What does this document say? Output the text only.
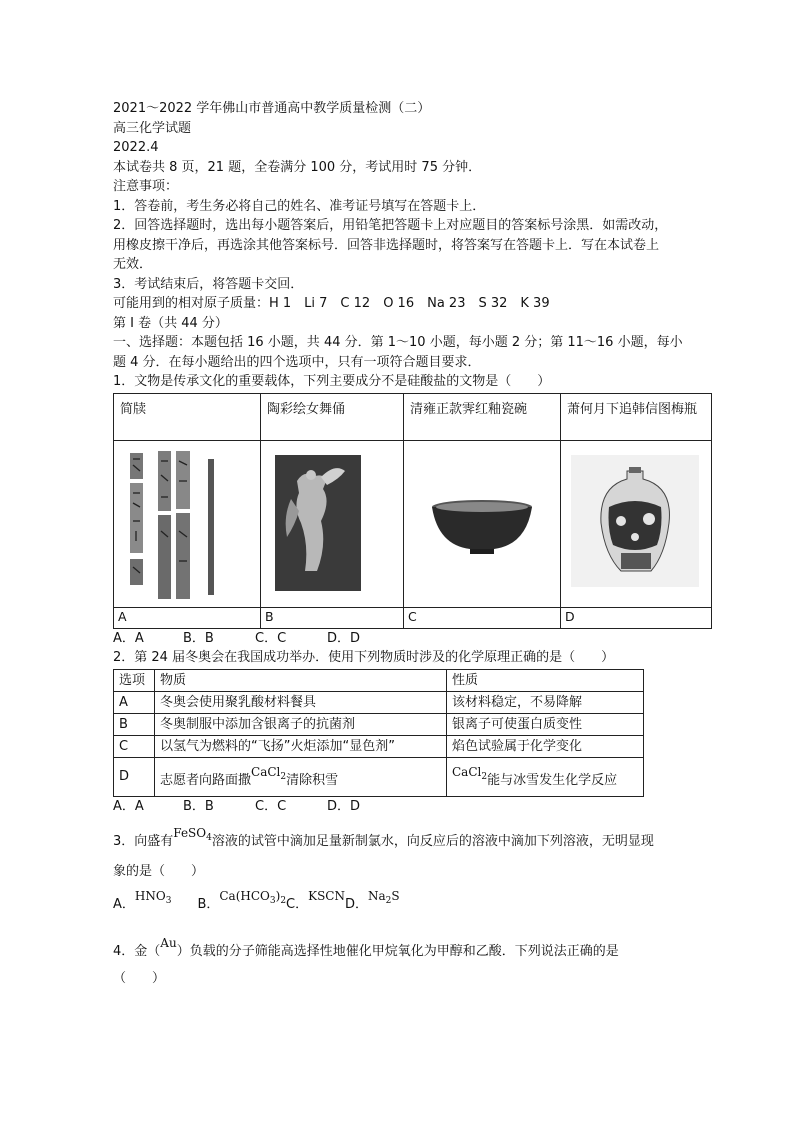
2021～2022 学年佛山市普通高中教学质量检测（二）
高三化学试题
2022.4
本试卷共 8 页，21 题，全卷满分 100 分，考试用时 75 分钟．
注意事项：
1．答卷前，考生务必将自己的姓名、准考证号填写在答题卡上．
2．回答选择题时，选出每小题答案后，用铅笔把答题卡上对应题目的答案标号涂黑．如需改动，
用橡皮擦干净后，再选涂其他答案标号．回答非选择题时，将答案写在答题卡上．写在本试卷上
无效．
3．考试结束后，将答题卡交回．
可能用到的相对原子质量：H 1　Li 7　C 12　O 16　Na 23　S 32　K 39
第 I 卷（共 44 分）
一、选择题：本题包括 16 小题，共 44 分．第 1～10 小题，每小题 2 分；第 11～16 小题，每小
题 4 分．在每小题给出的四个选项中，只有一项符合题目要求．
1．文物是传承文化的重要载体，下列主要成分不是硅酸盐的文物是（　　）
简牍	陶彩绘女舞俑	清雍正款霁红釉瓷碗	萧何月下追韩信图梅瓶

A	B	C	D
A．A	B．B	C．C	D．D
2．第 24 届冬奥会在我国成功举办．使用下列物质时涉及的化学原理正确的是（　　）
选项	物质	性质
A	冬奥会使用聚乳酸材料餐具	该材料稳定，不易降解
B	冬奥制服中添加含银离子的抗菌剂	银离子可使蛋白质变性
C	以氢气为燃料的“飞扬”火炬添加“显色剂”	焰色试验属于化学变化
D	志愿者向路面撒CaCl$_2$清除积雪	CaCl$_2$能与冰雪发生化学反应
A．A	B．B	C．C	D．D
3．向盛有FeSO$_4$溶液的试管中滴加足量新制氯水，向反应后的溶液中滴加下列溶液，无明显现
象的是（　　）
A．$HNO_3$ B．$Ca(HCO_3)_2C$．KSCND．$Na_2S$
4．金（Au）负载的分子筛能高选择性地催化甲烷氧化为甲醇和乙酸．下列说法正确的是
（　　）
